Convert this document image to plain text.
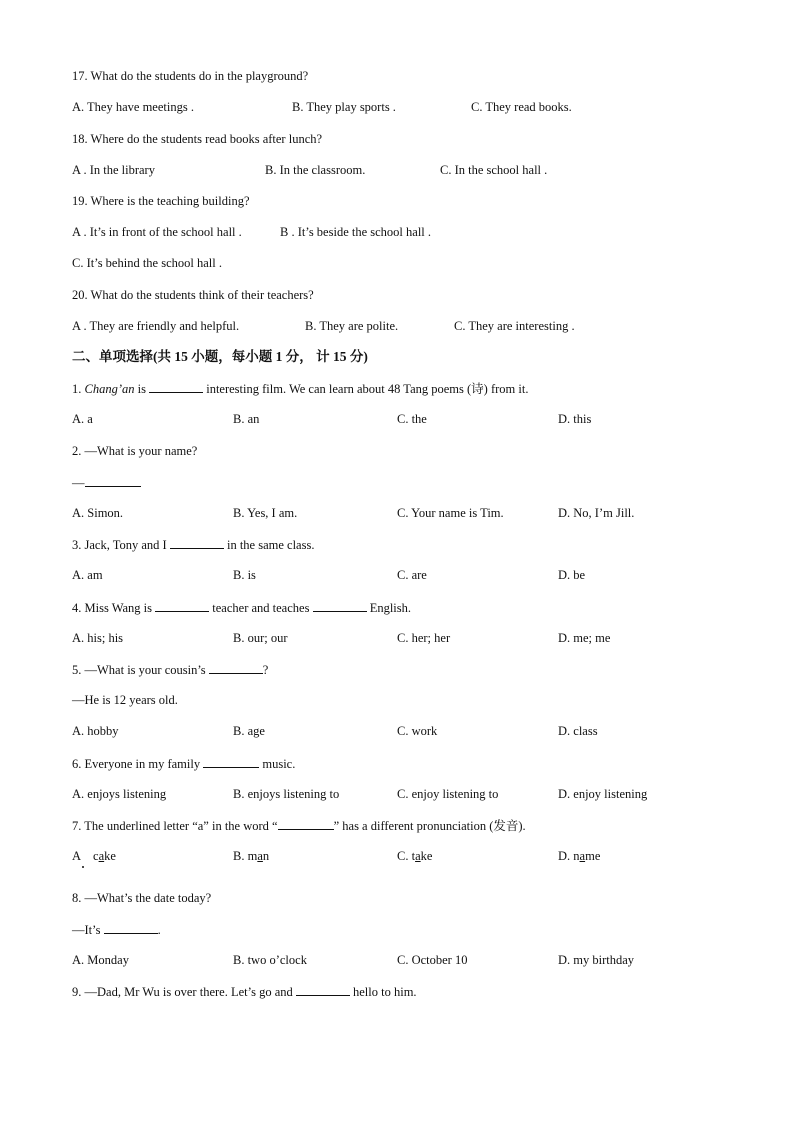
17. What do the students do in the playground?
A. They have meetings .	B. They play sports .	C. They read books.
18. Where do the students read books after lunch?
A . In the library	B. In the classroom.	C. In the school hall .
19. Where is the teaching building?
A . It’s in front of the school hall .	B . It’s beside the school hall .
C. It’s behind the school hall .
20. What do the students think of their teachers?
A . They are friendly and helpful.	B. They are polite.	C. They are interesting .
二、单项选择(共 15 小题，每小题 1 分， 计 15 分)
1. Chang’an is	interesting film. We can learn about 48 Tang poems (诗) from it.
A. a	B. an	C. the	D. this
2. —What is your name?
—
A. Simon.	B. Yes, I am.	C. Your name is Tim.	D. No, I’m Jill.
3. Jack, Tony and I	in the same class.
A. am	B. is	C. are	D. be
4. Miss Wang is	teacher and teaches	English.
A. his; his	B. our; our	C. her; her	D. me; me
5. —What is your cousin’s	?
—He is 12 years old.
A. hobby	B. age	C. work	D. class
6. Everyone in my family	music.
A. enjoys listening	B. enjoys listening to	C. enjoy listening to	D. enjoy listening
7. The underlined letter “a” in the word “	” has a different pronunciation (发音).
A cake	B. man	C. take	D. name
8. —What’s the date today?
—It’s	.
A. Monday	B. two o’clock	C. October 10	D. my birthday
9. —Dad, Mr Wu is over there. Let’s go and	hello to him.
